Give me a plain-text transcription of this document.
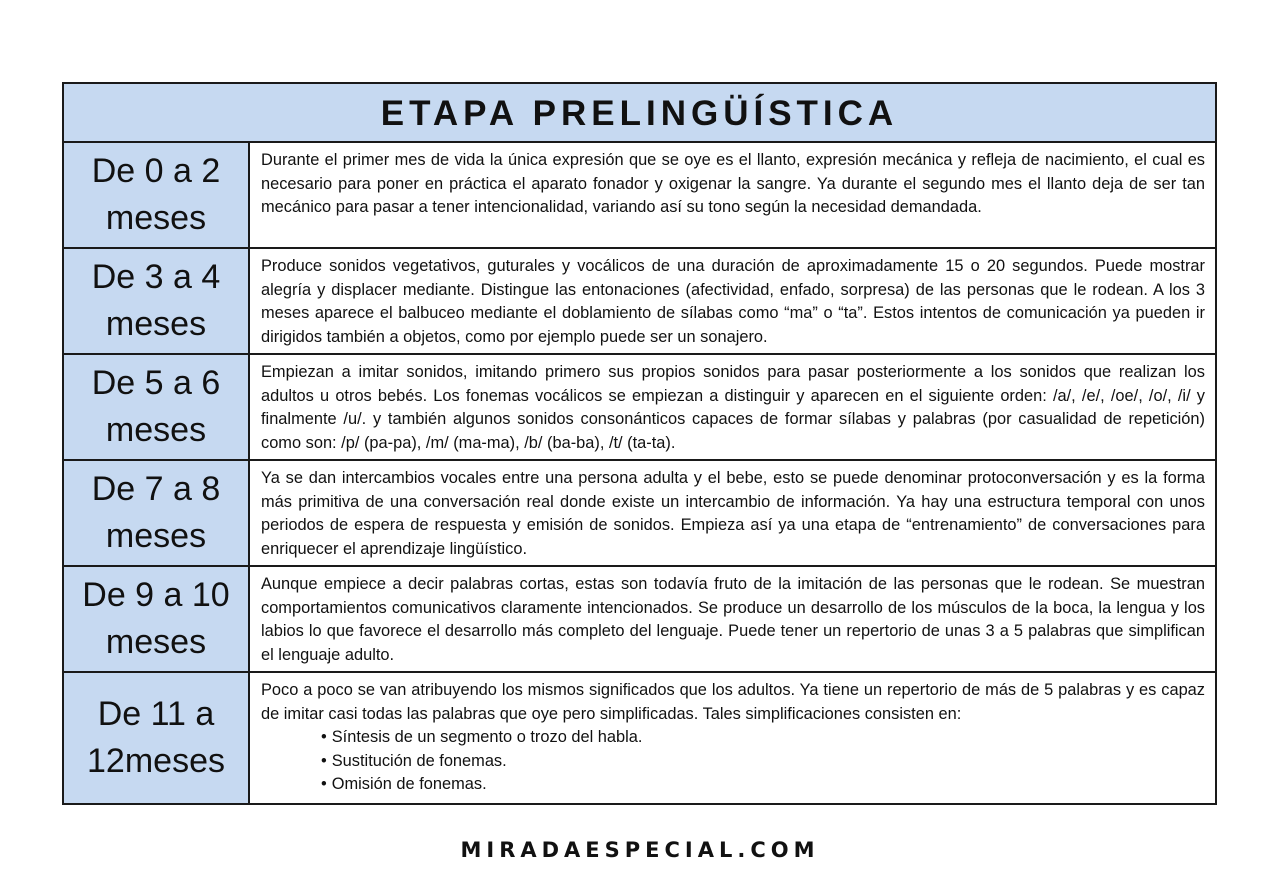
ETAPA PRELINGÜÍSTICA
De 0 a 2 meses
Durante el primer mes de vida la única expresión que se oye es el llanto, expresión mecánica y refleja de nacimiento, el cual es necesario para poner en práctica el aparato fonador y oxigenar la sangre. Ya durante el segundo mes el llanto deja de ser tan mecánico para pasar a tener intencionalidad, variando así su tono según la necesidad demandada.
De 3 a 4 meses
Produce sonidos vegetativos, guturales y vocálicos de una duración de aproximadamente 15 o 20 segundos. Puede mostrar alegría y displacer mediante. Distingue las entonaciones (afectividad, enfado, sorpresa) de las personas que le rodean. A los 3 meses aparece el balbuceo mediante el doblamiento de sílabas como “ma” o “ta”. Estos intentos de comunicación ya pueden ir dirigidos también a objetos, como por ejemplo puede ser un sonajero.
De 5 a 6 meses
Empiezan a imitar sonidos, imitando primero sus propios sonidos para pasar posteriormente a los sonidos que realizan los adultos u otros bebés. Los fonemas vocálicos se empiezan a distinguir y aparecen en el siguiente orden: /a/, /e/, /oe/, /o/, /i/ y finalmente /u/. y también algunos sonidos consonánticos capaces de formar sílabas y palabras (por casualidad de repetición) como son: /p/ (pa-pa), /m/ (ma-ma), /b/ (ba-ba), /t/ (ta-ta).
De 7 a 8 meses
Ya se dan intercambios vocales entre una persona adulta y el bebe, esto se puede denominar protoconversación y es la forma más primitiva de una conversación real donde existe un intercambio de información. Ya hay una estructura temporal con unos periodos de espera de respuesta y emisión de sonidos. Empieza así ya una etapa de “entrenamiento” de conversaciones para enriquecer el aprendizaje lingüístico.
De 9 a 10 meses
Aunque empiece a decir palabras cortas, estas son todavía fruto de la imitación de las personas que le rodean. Se muestran comportamientos comunicativos claramente intencionados. Se produce un desarrollo de los músculos de la boca, la lengua y los labios lo que favorece el desarrollo más completo del lenguaje. Puede tener un repertorio de unas 3 a 5 palabras que simplifican el lenguaje adulto.
De 11 a 12meses
Poco a poco se van atribuyendo los mismos significados que los adultos. Ya tiene un repertorio de más de 5 palabras y es capaz de imitar casi todas las palabras que oye pero simplificadas. Tales simplificaciones consisten en:
• Síntesis de un segmento o trozo del habla.
• Sustitución de fonemas.
• Omisión de fonemas.
MIRADAESPECIAL.COM
